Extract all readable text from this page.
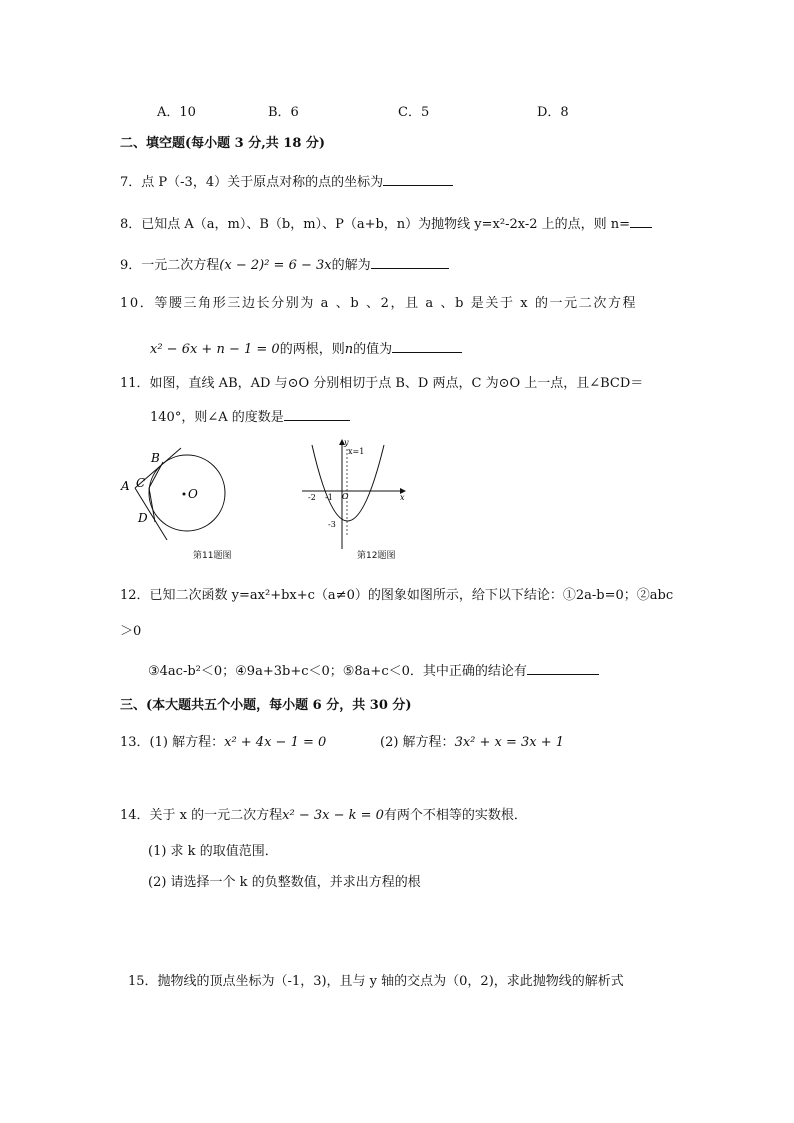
A．10	B．6	C．5	D．8
二、填空题(每小题 3 分,共 18 分)
7．点 P（-3，4）关于原点对称的点的坐标为
8．已知点 A（a，m）、B（b，m）、P（a+b，n）为抛物线 y=x²-2x-2 上的点，则 n=
9．一元二次方程(x − 2)² = 6 − 3x的解为
10．等腰三角形三边长分别为 a 、b 、2，且 a 、b 是关于 x 的一元二次方程
x² − 6x + n − 1 = 0的两根，则n的值为
11．如图，直线 AB，AD 与⊙O 分别相切于点 B、D 两点，C 为⊙O 上一点，且∠BCD＝
140°，则∠A 的度数是
A
B
C
D
O
第11题图
y
x=1
-2 -1 O	x
-3
第12题图
12．已知二次函数 y=ax²+bx+c（a≠0）的图象如图所示，给下以下结论：①2a-b=0；②abc
＞0
③4ac-b²＜0；④9a+3b+c＜0；⑤8a+c＜0．其中正确的结论有
三、(本大题共五个小题，每小题 6 分，共 30 分)
13．(1) 解方程：x² + 4x − 1 = 0	(2) 解方程：3x² + x = 3x + 1
14．关于 x 的一元二次方程x² − 3x − k = 0有两个不相等的实数根．
(1) 求 k 的取值范围．
(2) 请选择一个 k 的负整数值，并求出方程的根
15．抛物线的顶点坐标为（-1，3)，且与 y 轴的交点为（0，2)，求此抛物线的解析式
